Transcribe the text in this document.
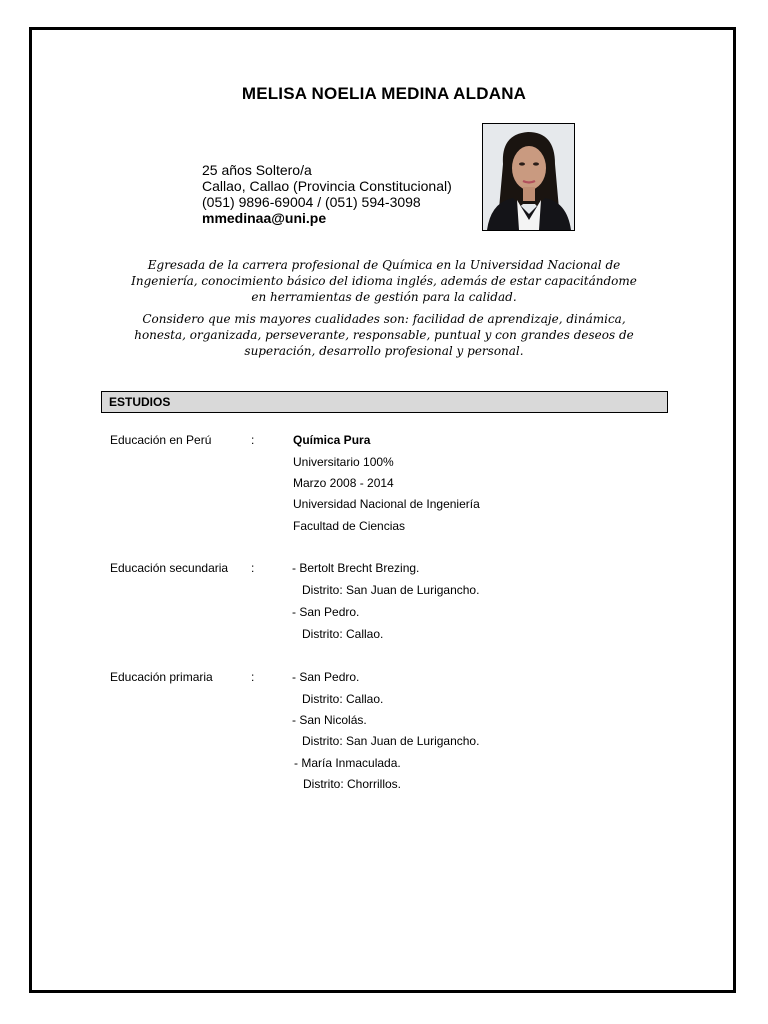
MELISA NOELIA MEDINA ALDANA
25 años Soltero/a
Callao, Callao (Provincia Constitucional)
(051) 9896-69004 / (051) 594-3098
mmedinaa@uni.pe
Egresada de la carrera profesional de Química en la Universidad Nacional de
Ingeniería, conocimiento básico del idioma inglés, además de estar capacitándome
en herramientas de gestión para la calidad.
Considero que mis mayores cualidades son: facilidad de aprendizaje, dinámica,
honesta, organizada, perseverante, responsable, puntual y con grandes deseos de
superación, desarrollo profesional y personal.
ESTUDIOS
Educación en Perú	:	Química Pura
Universitario 100%
Marzo 2008 - 2014
Universidad Nacional de Ingeniería
Facultad de Ciencias
Educación secundaria :	- Bertolt Brecht Brezing.
Distrito: San Juan de Lurigancho.
- San Pedro.
Distrito: Callao.
Educación primaria	:	- San Pedro.
Distrito: Callao.
- San Nicolás.
Distrito: San Juan de Lurigancho.
- María Inmaculada.
Distrito: Chorrillos.
